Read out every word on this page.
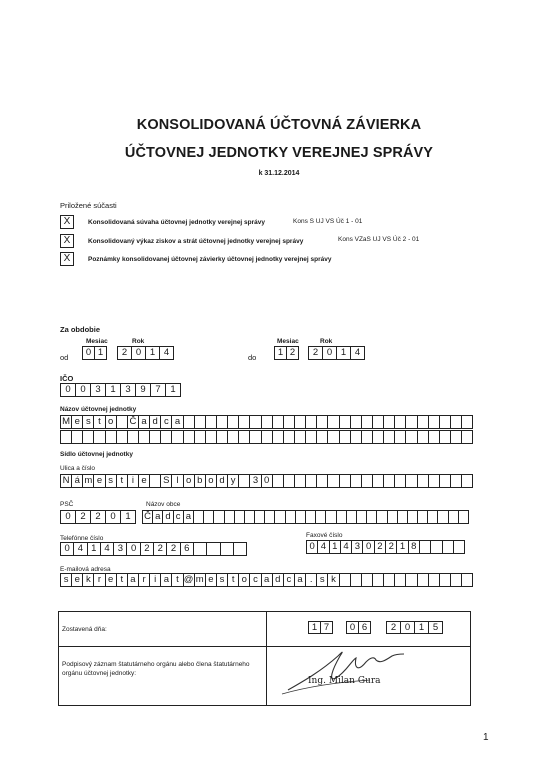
KONSOLIDOVANÁ ÚČTOVNÁ ZÁVIERKA
ÚČTOVNEJ JEDNOTKY VEREJNEJ SPRÁVY
k 31.12.2014
Priložené súčasti
X	Konsolidovaná súvaha účtovnej jednotky verejnej správy	Kons S UJ VS Úč 1 - 01
X	Konsolidovaný výkaz ziskov a strát účtovnej jednotky verejnej správy	Kons VZaS UJ VS Úč 2 - 01
X	Poznámky konsolidovanej účtovnej závierky účtovnej jednotky verejnej správy
Za obdobie
Mesiac	Rok
od 0 1	2 0 1 4
Mesiac	Rok
do 1 2	2 0 1 4
IČO
0	0	3	1	3	9	7	1
Názov účtovnej jednotky
M e s t o	Č a d c a
Sídlo účtovnej jednotky
Ulica a číslo
N á m e s t i e	S l o b o d y	3 0
PSČ	Názov obce
0	2	2	0	1	Č a d c a
Telefónne číslo
0 4 1 4 3 0 2 2 2 6
Faxové číslo
0 4 1 4 3 0 2 2 1 8
E-mailová adresa
s e k r e t a r i a t @ m e s t o c a d c a . s k
Zostavená dňa:	1 7	0 6	2 0 1 5
Podpisový záznam štatutárneho orgánu alebo člena štatutárneho orgánu účtovnej jednotky:
Ing. Milan Gura
1
